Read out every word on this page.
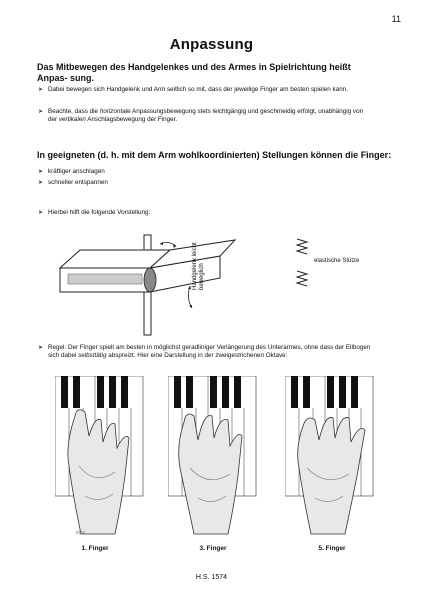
11
Anpassung
Das Mitbewegen des Handgelenkes und des Armes in Spielrichtung heißt Anpas- sung.
➤ Dabei bewegen sich Handgelenk und Arm seitlich so mit, dass der jeweilige Finger am besten spielen kann.
➤ Beachte, dass die horizontale Anpassungsbewegung stets leichtgängig und geschmeidig erfolgt, unabhängig von der vertikalen Anschlagsbewegung der Finger.
In geeigneten (d. h. mit dem Arm wohlkoordinierten) Stellungen können die Finger:
➤ kräftiger anschlagen
➤ schneller entspannen
➤ Hierbei hilft die folgende Vorstellung:
Handgelenk leicht beweglich
elastische Stütze
➤ Regel: Der Finger spielt am besten in möglichst geradliniger Verlängerung des Unterarmes, ohne dass der Ellbogen sich dabei selbsttätig abspreizt. Hier eine Darstellung in der zweigestrichenen Oktave:
idnv
1. Finger	3. Finger	5. Finger
H.S. 1574
